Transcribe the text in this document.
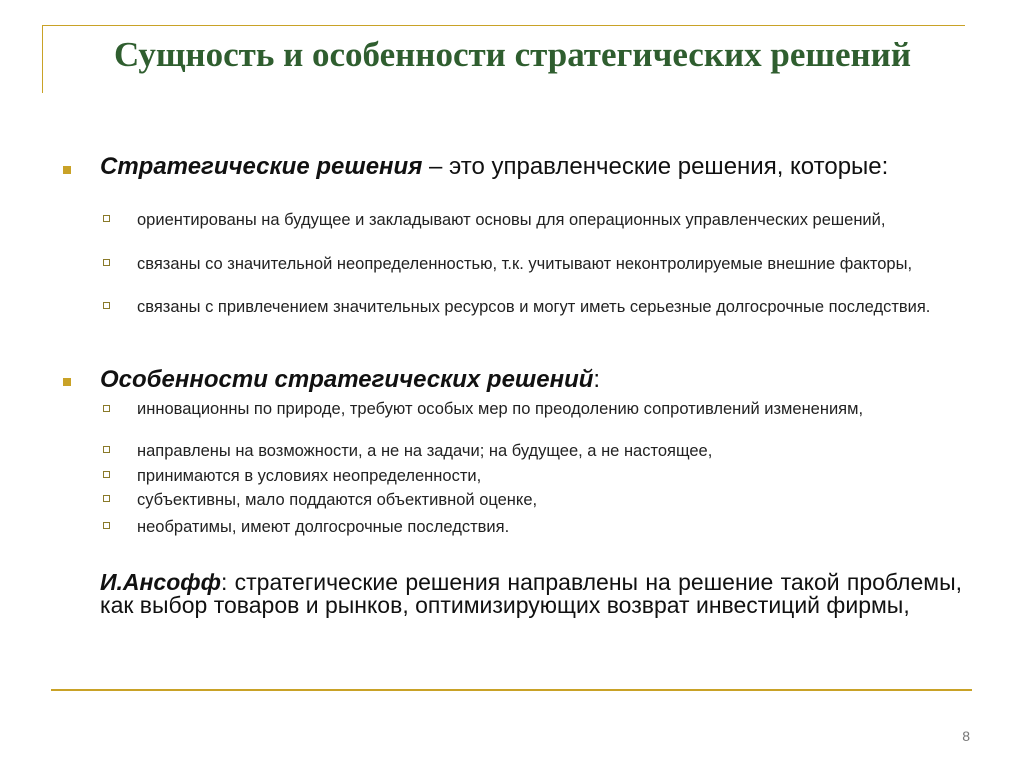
Сущность и особенности стратегических решений
Стратегические решения – это управленческие решения, которые:
ориентированы на будущее и закладывают основы для операционных управленческих решений,
связаны со значительной неопределенностью, т.к. учитывают неконтролируемые внешние факторы,
связаны с привлечением значительных ресурсов и могут иметь серьезные долгосрочные последствия.
Особенности стратегических решений:
инновационны по природе, требуют особых мер по преодолению сопротивлений изменениям,
направлены на возможности, а не на задачи; на будущее, а не настоящее,
принимаются в условиях неопределенности,
субъективны, мало поддаются объективной оценке,
необратимы, имеют долгосрочные последствия.
И.Ансофф: стратегические решения направлены на решение такой проблемы, как выбор товаров и рынков, оптимизирующих возврат инвестиций фирмы,
8
